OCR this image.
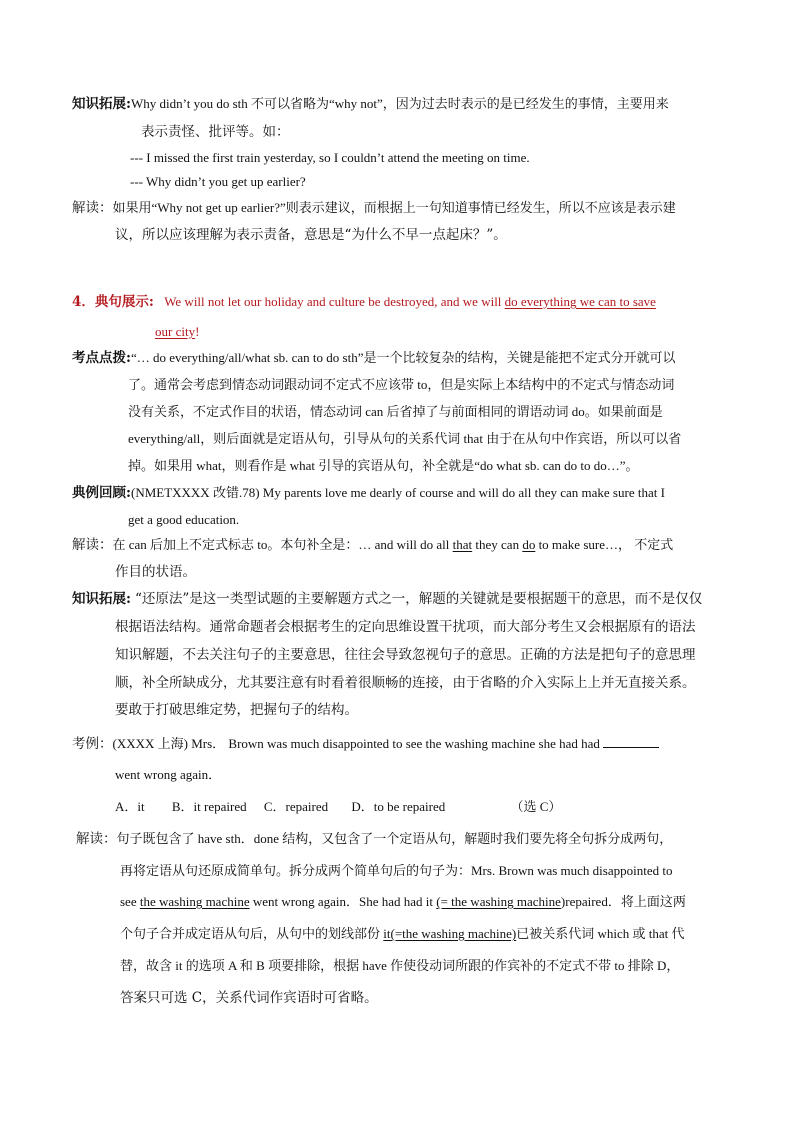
知识拓展:Why didn’t you do sth 不可以省略为“why not”，因为过去时表示的是已经发生的事情，主要用来
表示责怪、批评等。如：
--- I missed the first train yesterday, so I couldn’t attend the meeting on time.
--- Why didn’t you get up earlier?
解读：如果用“Why not get up earlier?”则表示建议，而根据上一句知道事情已经发生，所以不应该是表示建
议，所以应该理解为表示责备，意思是“为什么不早一点起床？”。
4．典句展示: We will not let our holiday and culture be destroyed, and we will do everything we can to save
our city!
考点点拨:“… do everything/all/what sb. can to do sth”是一个比较复杂的结构，关键是能把不定式分开就可以
了。通常会考虑到情态动词跟动词不定式不应该带 to，但是实际上本结构中的不定式与情态动词
没有关系，不定式作目的状语，情态动词 can 后省掉了与前面相同的谓语动词 do。如果前面是
everything/all，则后面就是定语从句，引导从句的关系代词 that 由于在从句中作宾语，所以可以省
掉。如果用 what，则看作是 what 引导的宾语从句，补全就是“do what sb. can do to do…”。
典例回顾:(NMETXXXX 改错.78) My parents love me dearly of course and will do all they can make sure that I
get a good education.
解读：在 can 后加上不定式标志 to。本句补全是：… and will do all that they can do to make sure…， 不定式
作目的状语。
知识拓展: “还原法”是这一类型试题的主要解题方式之一，解题的关键就是要根据题干的意思，而不是仅仅
根据语法结构。通常命题者会根据考生的定向思维设置干扰项，而大部分考生又会根据原有的语法
知识解题，不去关注句子的主要意思，往往会导致忽视句子的意思。正确的方法是把句子的意思理
顺，补全所缺成分，尤其要注意有时看着很顺畅的连接，由于省略的介入实际上上并无直接关系。
要敢于打破思维定势，把握句子的结构。
考例：(XXXX 上海) Mrs． Brown was much disappointed to see the washing machine she had had
went wrong again．
A．it B．it repaired C．repaired D．to be repaired	（选 C）
解读：句子既包含了 have sth．done 结构，又包含了一个定语从句，解题时我们要先将全句拆分成两句，
再将定语从句还原成简单句。拆分成两个简单句后的句子为：Mrs. Brown was much disappointed to
see the washing machine went wrong again．She had had it (= the washing machine)repaired．将上面这两
个句子合并成定语从句后，从句中的划线部份 it(=the washing machine)已被关系代词 which 或 that 代
替，故含 it 的选项 A 和 B 项要排除，根据 have 作使役动词所跟的作宾补的不定式不带 to 排除 D，
答案只可选 C，关系代词作宾语时可省略。
